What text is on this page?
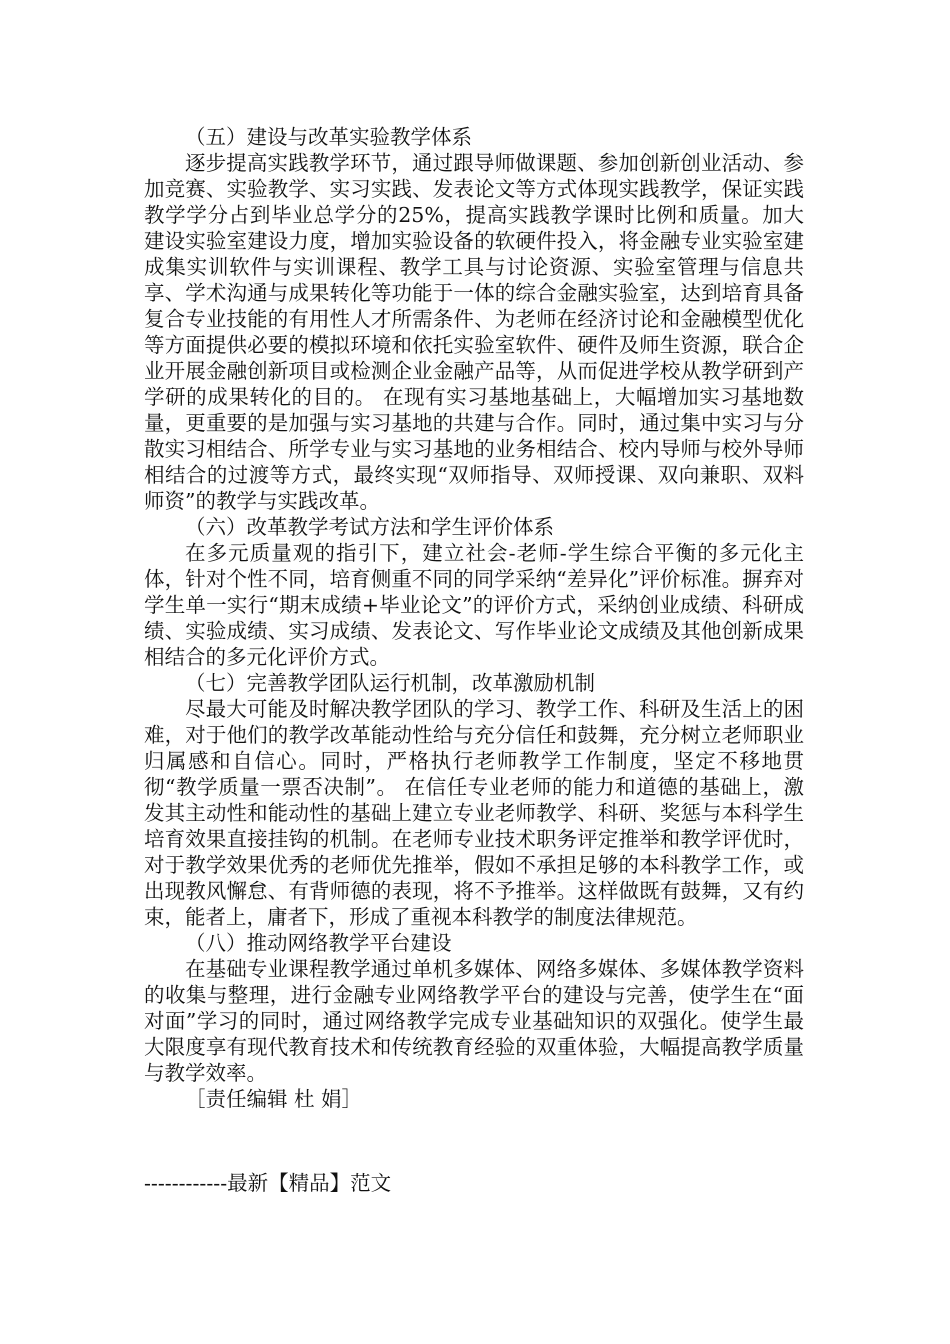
（五）建设与改革实验教学体系

逐步提高实践教学环节，通过跟导师做课题、参加创新创业活动、参加竞赛、实验教学、实习实践、发表论文等方式体现实践教学，保证实践教学学分占到毕业总学分的25%，提高实践教学课时比例和质量。加大建设实验室建设力度，增加实验设备的软硬件投入，将金融专业实验室建成集实训软件与实训课程、教学工具与讨论资源、实验室管理与信息共享、学术沟通与成果转化等功能于一体的综合金融实验室，达到培育具备复合专业技能的有用性人才所需条件、为老师在经济讨论和金融模型优化等方面提供必要的模拟环境和依托实验室软件、硬件及师生资源，联合企业开展金融创新项目或检测企业金融产品等，从而促进学校从教学研到产学研的成果转化的目的。 在现有实习基地基础上，大幅增加实习基地数量，更重要的是加强与实习基地的共建与合作。同时，通过集中实习与分散实习相结合、所学专业与实习基地的业务相结合、校内导师与校外导师相结合的过渡等方式，最终实现“双师指导、双师授课、双向兼职、双料师资”的教学与实践改革。

（六）改革教学考试方法和学生评价体系

在多元质量观的指引下，建立社会-老师-学生综合平衡的多元化主体，针对个性不同，培育侧重不同的同学采纳“差异化”评价标准。摒弃对学生单一实行“期末成绩+毕业论文”的评价方式，采纳创业成绩、科研成绩、实验成绩、实习成绩、发表论文、写作毕业论文成绩及其他创新成果相结合的多元化评价方式。

（七）完善教学团队运行机制，改革激励机制

尽最大可能及时解决教学团队的学习、教学工作、科研及生活上的困难，对于他们的教学改革能动性给与充分信任和鼓舞，充分树立老师职业归属感和自信心。同时，严格执行老师教学工作制度，坚定不移地贯彻“教学质量一票否决制”。 在信任专业老师的能力和道德的基础上，激发其主动性和能动性的基础上建立专业老师教学、科研、奖惩与本科学生培育效果直接挂钩的机制。在老师专业技术职务评定推举和教学评优时，对于教学效果优秀的老师优先推举，假如不承担足够的本科教学工作，或出现教风懈怠、有背师德的表现，将不予推举。这样做既有鼓舞，又有约束，能者上，庸者下，形成了重视本科教学的制度法律规范。

（八）推动网络教学平台建设

在基础专业课程教学通过单机多媒体、网络多媒体、多媒体教学资料的收集与整理，进行金融专业网络教学平台的建设与完善，使学生在“面对面”学习的同时，通过网络教学完成专业基础知识的双强化。使学生最大限度享有现代教育技术和传统教育经验的双重体验，大幅提高教学质量与教学效率。

［责任编辑 杜 娟］

------------最新【精品】范文
